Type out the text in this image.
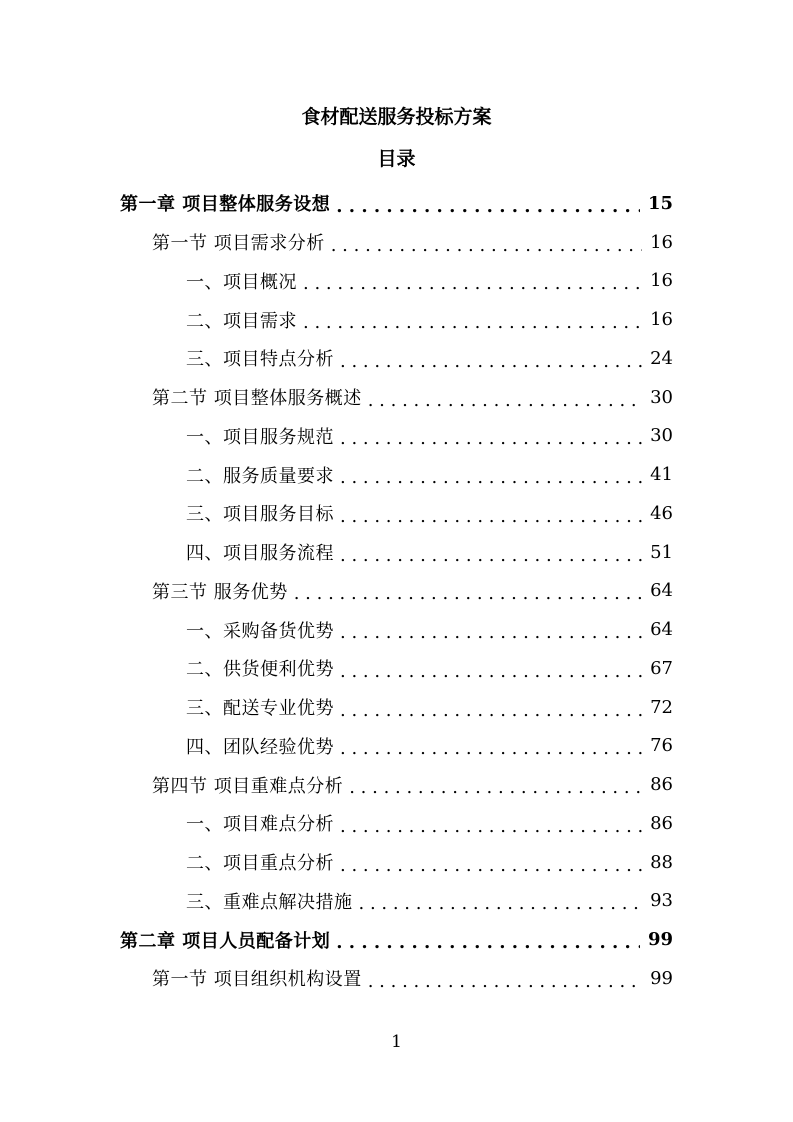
食材配送服务投标方案
目录
第一章 项目整体服务设想 . . .	15
第一节 项目需求分析 . . .	16
一、项目概况 . . .	16
二、项目需求 . . .	16
三、项目特点分析 . . .	24
第二节 项目整体服务概述 . . .	30
一、项目服务规范 . . .	30
二、服务质量要求 . . .	41
三、项目服务目标 . . .	46
四、项目服务流程 . . .	51
第三节 服务优势 . . .	64
一、采购备货优势 . . .	64
二、供货便利优势 . . .	67
三、配送专业优势 . . .	72
四、团队经验优势 . . .	76
第四节 项目重难点分析 . . .	86
一、项目难点分析 . . .	86
二、项目重点分析 . . .	88
三、重难点解决措施 . . .	93
第二章 项目人员配备计划 . . .	99
第一节 项目组织机构设置 . . .	99
1
